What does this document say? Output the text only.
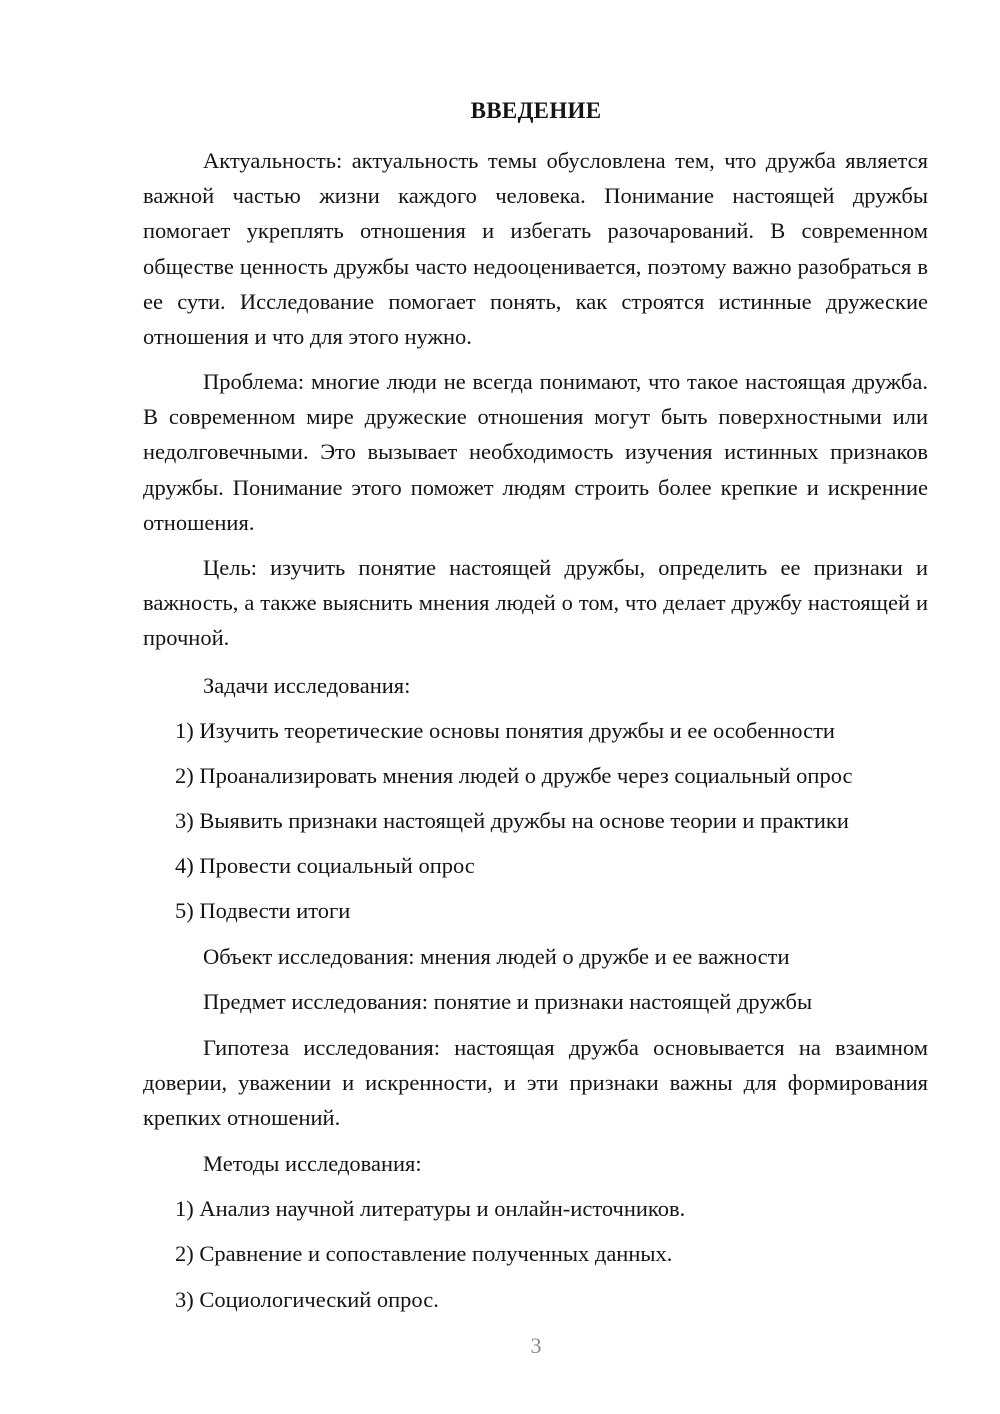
ВВЕДЕНИЕ
Актуальность: актуальность темы обусловлена тем, что дружба является важной частью жизни каждого человека. Понимание настоящей дружбы помогает укреплять отношения и избегать разочарований. В современном обществе ценность дружбы часто недооценивается, поэтому важно разобраться в ее сути. Исследование помогает понять, как строятся истинные дружеские отношения и что для этого нужно.
Проблема: многие люди не всегда понимают, что такое настоящая дружба. В современном мире дружеские отношения могут быть поверхностными или недолговечными. Это вызывает необходимость изучения истинных признаков дружбы. Понимание этого поможет людям строить более крепкие и искренние отношения.
Цель: изучить понятие настоящей дружбы, определить ее признаки и важность, а также выяснить мнения людей о том, что делает дружбу настоящей и прочной.
Задачи исследования:
1) Изучить теоретические основы понятия дружбы и ее особенности
2) Проанализировать мнения людей о дружбе через социальный опрос
3) Выявить признаки настоящей дружбы на основе теории и практики
4) Провести социальный опрос
5) Подвести итоги
Объект исследования: мнения людей о дружбе и ее важности
Предмет исследования: понятие и признаки настоящей дружбы
Гипотеза исследования: настоящая дружба основывается на взаимном доверии, уважении и искренности, и эти признаки важны для формирования крепких отношений.
Методы исследования:
1) Анализ научной литературы и онлайн-источников.
2) Сравнение и сопоставление полученных данных.
3) Социологический опрос.
3
